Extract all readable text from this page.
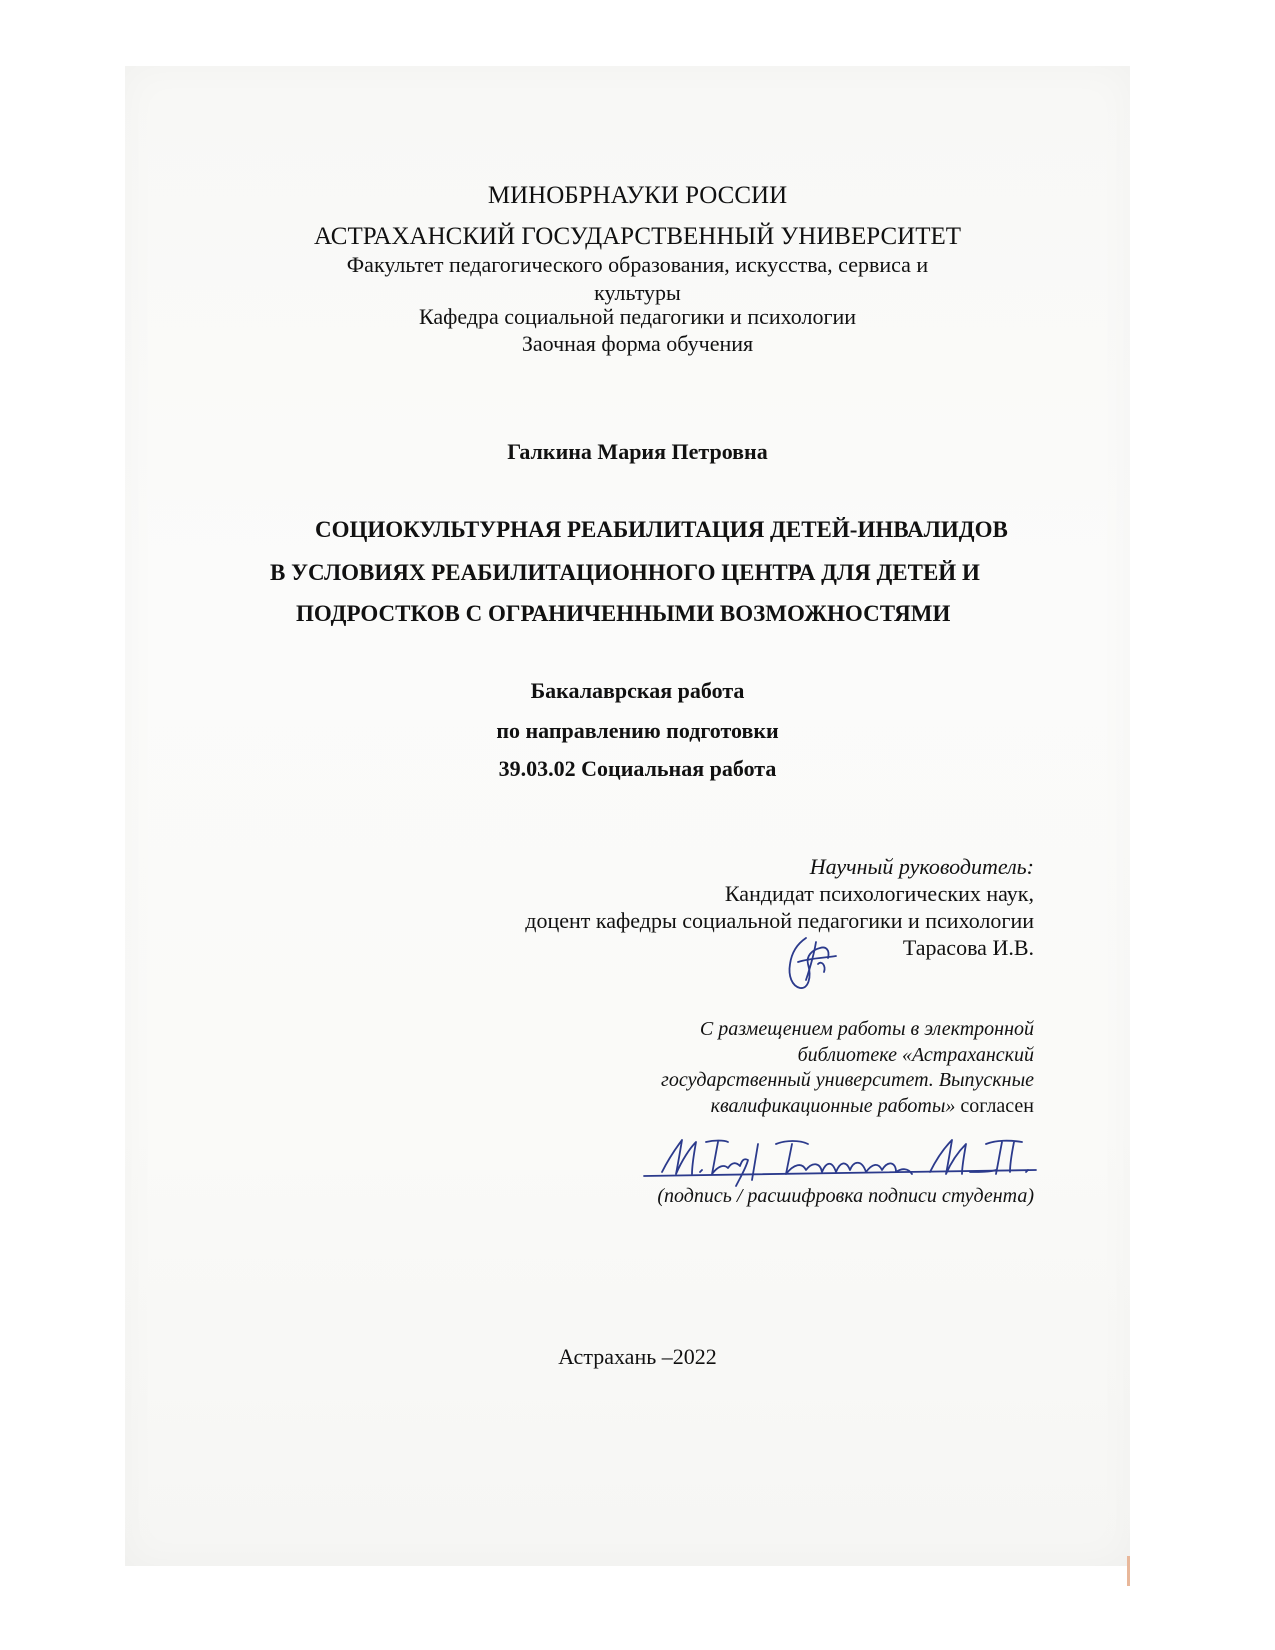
МИНОБРНАУКИ РОССИИ
АСТРАХАНСКИЙ ГОСУДАРСТВЕННЫЙ УНИВЕРСИТЕТ
Факультет педагогического образования, искусства, сервиса и
культуры
Кафедра социальной педагогики и психологии
Заочная форма обучения
Галкина Мария Петровна
СОЦИОКУЛЬТУРНАЯ РЕАБИЛИТАЦИЯ ДЕТЕЙ-ИНВАЛИДОВ
В УСЛОВИЯХ РЕАБИЛИТАЦИОННОГО ЦЕНТРА ДЛЯ ДЕТЕЙ И
ПОДРОСТКОВ С ОГРАНИЧЕННЫМИ ВОЗМОЖНОСТЯМИ
Бакалаврская работа
по направлению подготовки
39.03.02 Социальная работа
Научный руководитель:
Кандидат психологических наук,
доцент кафедры социальной педагогики и психологии
Тарасова И.В.
С размещением работы в электронной
библиотеке «Астраханский
государственный университет. Выпускные
квалификационные работы» согласен
(подпись / расшифровка подписи студента)
Астрахань –2022
